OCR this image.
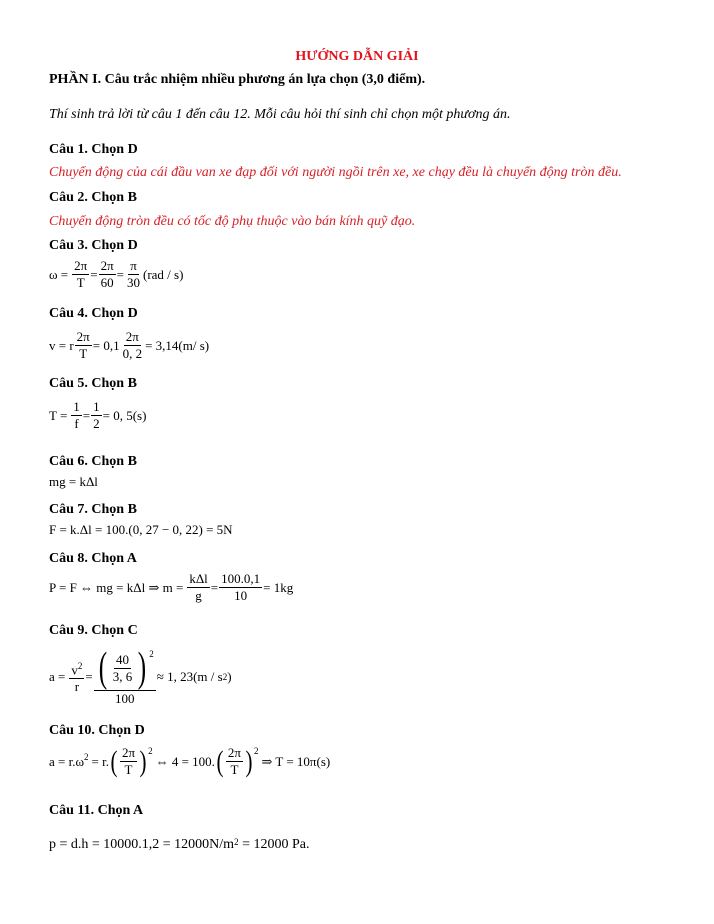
HƯỚNG DẪN GIẢI
PHẦN I. Câu trắc nhiệm nhiều phương án lựa chọn (3,0 điểm).
Thí sinh trả lời từ câu 1 đến câu 12. Mỗi câu hỏi thí sinh chỉ chọn một phương án.
Câu 1. Chọn D
Chuyển động của cái đầu van xe đạp đối với người ngồi trên xe, xe chạy đều là chuyển động tròn đều.
Câu 2. Chọn B
Chuyển động tròn đều có tốc độ phụ thuộc vào bán kính quỹ đạo.
Câu 3. Chọn D
$\omega = \frac{2\pi}{T} = \frac{2\pi}{60} = \frac{\pi}{30} (rad / s)$
Câu 4. Chọn D
v = r $\frac{2\pi}{T} = 0,1 \frac{2\pi}{0, 2} = 3,14(m/$ s)
Câu 5. Chọn B
$T = \frac{1}{f} = \frac{1}{2} = 0$, 5(s)
Câu 6. Chọn B
mg = kΔl
Câu 7. Chọn B
F = k.Δl = 100.(0, 27 − 0, 22) = 5N
Câu 8. Chọn A
P = F ⇔ mg = kΔl ⇒ $m = \frac{\text{kΔl}}{g} = \frac{100.0,1}{10} = 1kg$
Câu 9. Chọn C
$a = \frac{v^2}{r} = \frac{( \frac{40}{3, 6} ) ^2}{100} \approx 1$, 23(m / s 2 )
Câu 10. Chọn D
$a = r.\omega^2 = r$. ( $\frac{2\pi}{T} )^2$
⇔ 4 = 100. ( $\frac{2\pi}{T} )^2$
⇒ T = 10π(s)
Câu 11. Chọn A
$p = d.h = 10000.1,2 = 12000N/m^2 = 12000$ Pa.
